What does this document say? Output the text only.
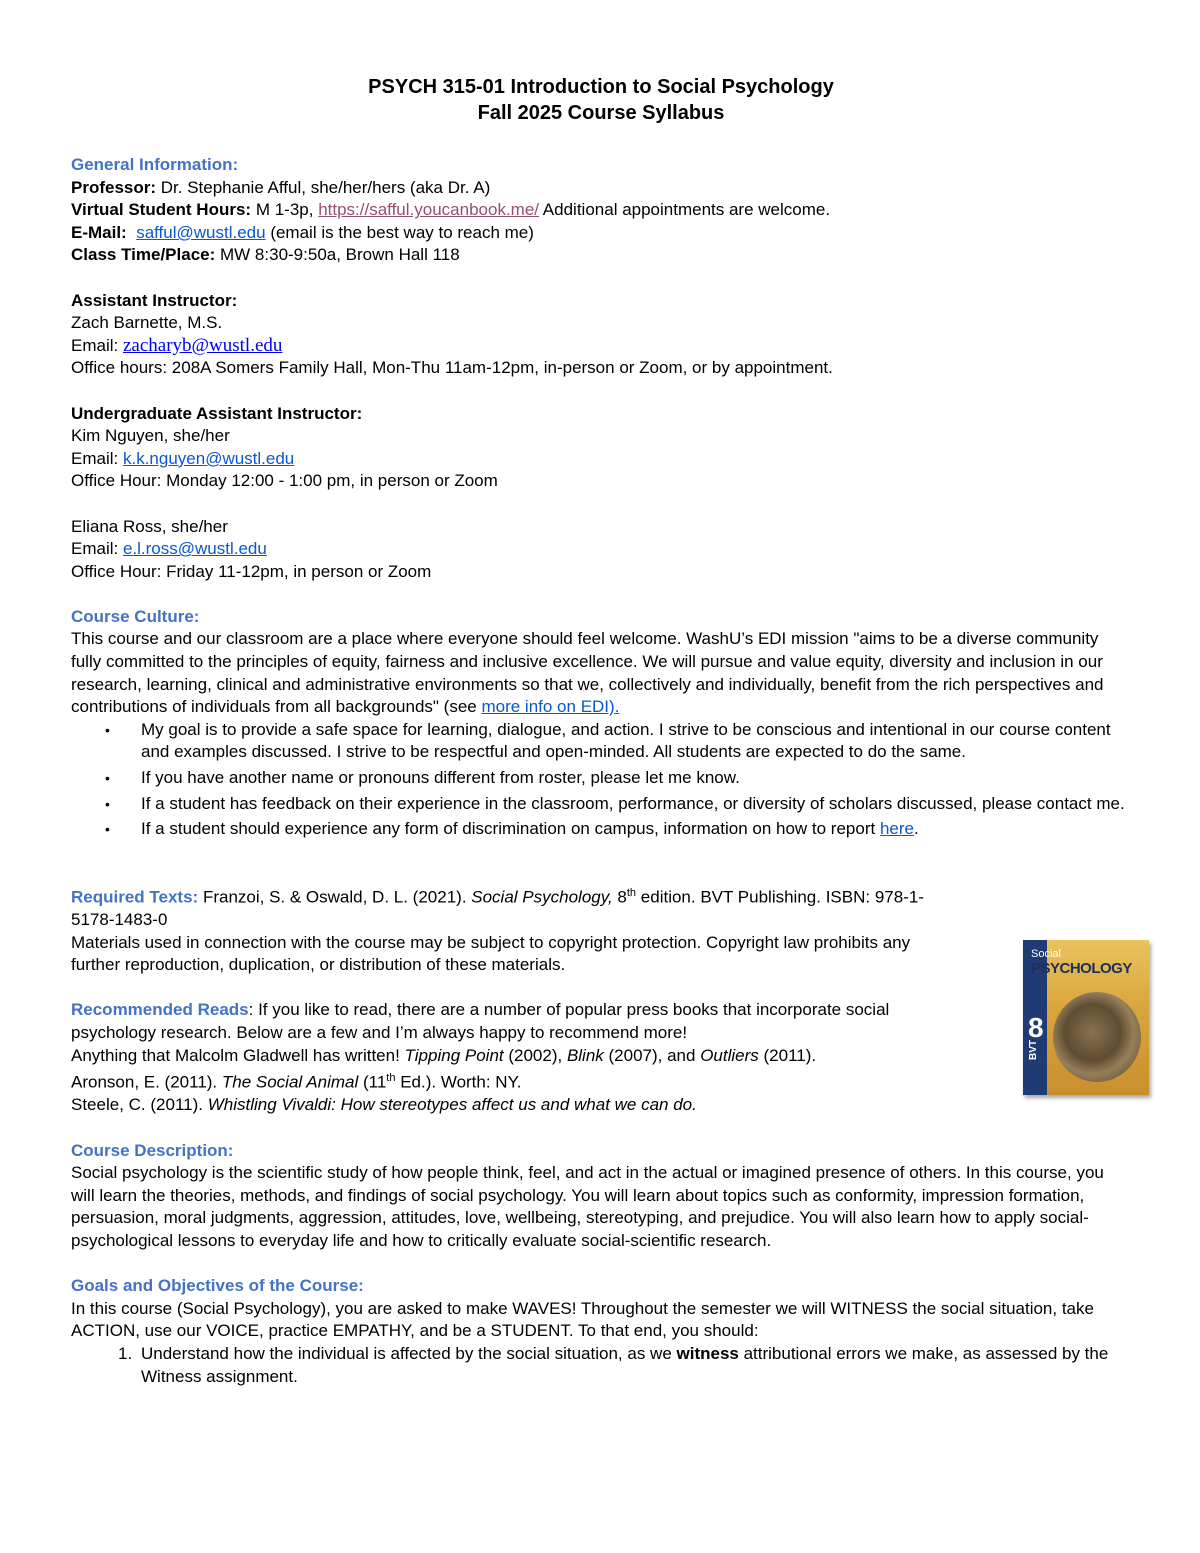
PSYCH 315-01 Introduction to Social Psychology
Fall 2025 Course Syllabus
General Information:
Professor: Dr. Stephanie Afful, she/her/hers (aka Dr. A)
Virtual Student Hours: M 1-3p, https://safful.youcanbook.me/ Additional appointments are welcome.
E-Mail: safful@wustl.edu (email is the best way to reach me)
Class Time/Place: MW 8:30-9:50a, Brown Hall 118
Assistant Instructor:
Zach Barnette, M.S.
Email: zacharyb@wustl.edu
Office hours: 208A Somers Family Hall, Mon-Thu 11am-12pm, in-person or Zoom, or by appointment.
Undergraduate Assistant Instructor:
Kim Nguyen, she/her
Email: k.k.nguyen@wustl.edu
Office Hour: Monday 12:00 - 1:00 pm, in person or Zoom
Eliana Ross, she/her
Email: e.l.ross@wustl.edu
Office Hour: Friday 11-12pm, in person or Zoom
Course Culture:
This course and our classroom are a place where everyone should feel welcome. WashU’s EDI mission "aims to be a diverse community fully committed to the principles of equity, fairness and inclusive excellence. We will pursue and value equity, diversity and inclusion in our research, learning, clinical and administrative environments so that we, collectively and individually, benefit from the rich perspectives and contributions of individuals from all backgrounds" (see more info on EDI).
• My goal is to provide a safe space for learning, dialogue, and action. I strive to be conscious and intentional in our course content and examples discussed. I strive to be respectful and open-minded. All students are expected to do the same.
• If you have another name or pronouns different from roster, please let me know.
• If a student has feedback on their experience in the classroom, performance, or diversity of scholars discussed, please contact me.
• If a student should experience any form of discrimination on campus, information on how to report here.
Required Texts: Franzoi, S. & Oswald, D. L. (2021). Social Psychology, 8th edition. BVT Publishing. ISBN: 978-1-5178-1483-0
Materials used in connection with the course may be subject to copyright protection. Copyright law prohibits any further reproduction, duplication, or distribution of these materials.
Recommended Reads: If you like to read, there are a number of popular press books that incorporate social psychology research. Below are a few and I’m always happy to recommend more!
Anything that Malcolm Gladwell has written! Tipping Point (2002), Blink (2007), and Outliers (2011).
Aronson, E. (2011). The Social Animal (11th Ed.). Worth: NY.
Steele, C. (2011). Whistling Vivaldi: How stereotypes affect us and what we can do.
Course Description:
Social psychology is the scientific study of how people think, feel, and act in the actual or imagined presence of others. In this course, you will learn the theories, methods, and findings of social psychology. You will learn about topics such as conformity, impression formation, persuasion, moral judgments, aggression, attitudes, love, wellbeing, stereotyping, and prejudice. You will also learn how to apply social-psychological lessons to everyday life and how to critically evaluate social-scientific research.
Goals and Objectives of the Course:
In this course (Social Psychology), you are asked to make WAVES! Throughout the semester we will WITNESS the social situation, take ACTION, use our VOICE, practice EMPATHY, and be a STUDENT. To that end, you should:
1. Understand how the individual is affected by the social situation, as we witness attributional errors we make, as assessed by the Witness assignment.
Social
PSYCHOLOGY
8
BVT
